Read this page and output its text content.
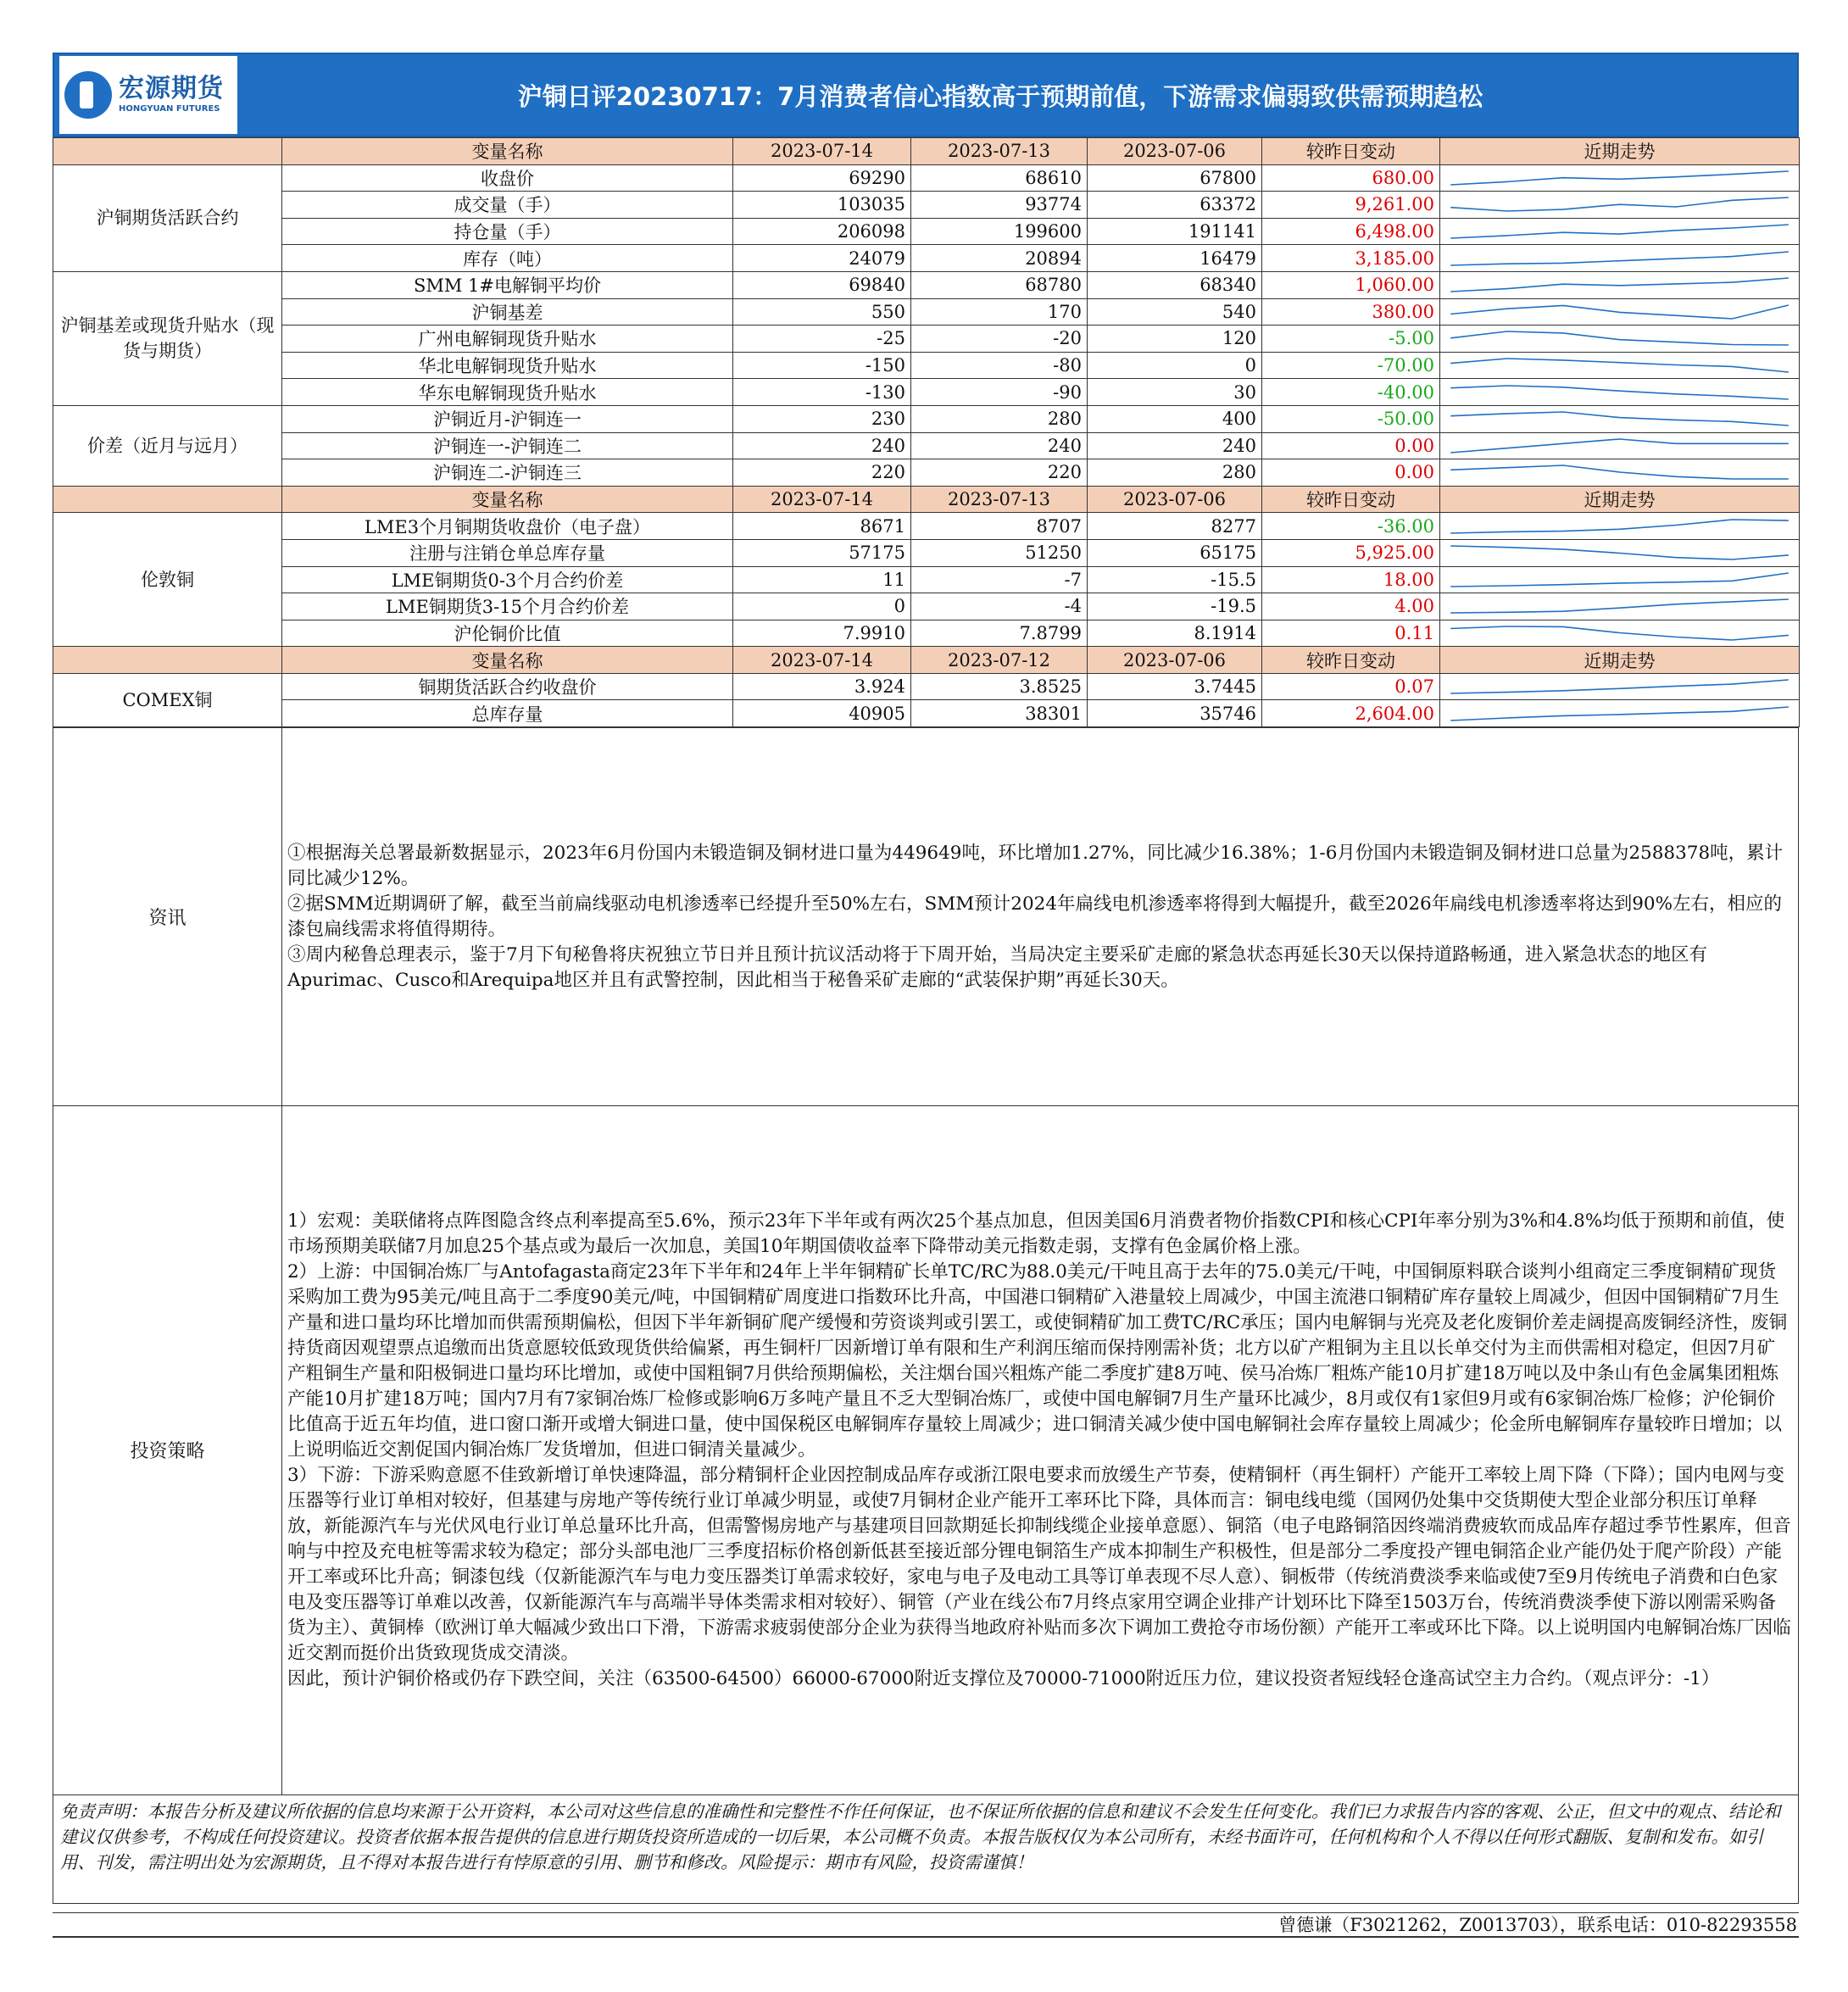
宏源期货
HONGYUAN FUTURES	沪铜日评20230717：7月消费者信心指数高于预期前值，下游需求偏弱致供需预期趋松
	变量名称	2023-07-14	2023-07-13	2023-07-06	较昨日变动	近期走势
沪铜期货活跃合约	收盘价	69290	68610	67800	680.00	

	成交量（手）	103035	93774	63372	9,261.00	

	持仓量（手）	206098	199600	191141	6,498.00	

	库存（吨）	24079	20894	16479	3,185.00	

沪铜基差或现货升贴水（现货与期货）	SMM 1#电解铜平均价	69840	68780	68340	1,060.00	

	沪铜基差	550	170	540	380.00	

	广州电解铜现货升贴水	-25	-20	120	-5.00	

	华北电解铜现货升贴水	-150	-80	0	-70.00	

	华东电解铜现货升贴水	-130	-90	30	-40.00	

价差（近月与远月）	沪铜近月-沪铜连一	230	280	400	-50.00	

	沪铜连一-沪铜连二	240	240	240	0.00	

	沪铜连二-沪铜连三	220	220	280	0.00	

	变量名称	2023-07-14	2023-07-13	2023-07-06	较昨日变动	近期走势
伦敦铜	LME3个月铜期货收盘价（电子盘）	8671	8707	8277	-36.00	

	注册与注销仓单总库存量	57175	51250	65175	5,925.00	

	LME铜期货0-3个月合约价差	11	-7	-15.5	18.00	

	LME铜期货3-15个月合约价差	0	-4	-19.5	4.00	

	沪伦铜价比值	7.9910	7.8799	8.1914	0.11	

	变量名称	2023-07-14	2023-07-12	2023-07-06	较昨日变动	近期走势
COMEX铜	铜期货活跃合约收盘价	3.924	3.8525	3.7445	0.07	

	总库存量	40905	38301	35746	2,604.00	
资讯	
①根据海关总署最新数据显示，2023年6月份国内未锻造铜及铜材进口量为449649吨，环比增加1.27%，同比减少16.38%；1-6月份国内未锻造铜及铜材进口总量为2588378吨，累计同比减少12%。
②据SMM近期调研了解，截至当前扁线驱动电机渗透率已经提升至50%左右，SMM预计2024年扁线电机渗透率将得到大幅提升，截至2026年扁线电机渗透率将达到90%左右，相应的漆包扁线需求将值得期待。
③周内秘鲁总理表示，鉴于7月下旬秘鲁将庆祝独立节日并且预计抗议活动将于下周开始，当局决定主要采矿走廊的紧急状态再延长30天以保持道路畅通，进入紧急状态的地区有Apurimac、Cusco和Arequipa地区并且有武警控制，因此相当于秘鲁采矿走廊的“武装保护期”再延长30天。
投资策略	
1）宏观：美联储将点阵图隐含终点利率提高至5.6%，预示23年下半年或有两次25个基点加息，但因美国6月消费者物价指数CPI和核心CPI年率分别为3%和4.8%均低于预期和前值，使市场预期美联储7月加息25个基点或为最后一次加息，美国10年期国债收益率下降带动美元指数走弱，支撑有色金属价格上涨。
2）上游：中国铜冶炼厂与Antofagasta商定23年下半年和24年上半年铜精矿长单TC/RC为88.0美元/干吨且高于去年的75.0美元/干吨，中国铜原料联合谈判小组商定三季度铜精矿现货采购加工费为95美元/吨且高于二季度90美元/吨，中国铜精矿周度进口指数环比升高，中国港口铜精矿入港量较上周减少，中国主流港口铜精矿库存量较上周减少，但因中国铜精矿7月生产量和进口量均环比增加而供需预期偏松，但因下半年新铜矿爬产缓慢和劳资谈判或引罢工，或使铜精矿加工费TC/RC承压；国内电解铜与光亮及老化废铜价差走阔提高废铜经济性，废铜持货商因观望票点追缴而出货意愿较低致现货供给偏紧，再生铜杆厂因新增订单有限和生产利润压缩而保持刚需补货；北方以矿产粗铜为主且以长单交付为主而供需相对稳定，但因7月矿产粗铜生产量和阳极铜进口量均环比增加，或使中国粗铜7月供给预期偏松，关注烟台国兴粗炼产能二季度扩建8万吨、侯马冶炼厂粗炼产能10月扩建18万吨以及中条山有色金属集团粗炼产能10月扩建18万吨；国内7月有7家铜冶炼厂检修或影响6万多吨产量且不乏大型铜冶炼厂，或使中国电解铜7月生产量环比减少，8月或仅有1家但9月或有6家铜冶炼厂检修；沪伦铜价比值高于近五年均值，进口窗口渐开或增大铜进口量，使中国保税区电解铜库存量较上周减少；进口铜清关减少使中国电解铜社会库存量较上周减少；伦金所电解铜库存量较昨日增加；以上说明临近交割促国内铜冶炼厂发货增加，但进口铜清关量减少。
3）下游：下游采购意愿不佳致新增订单快速降温，部分精铜杆企业因控制成品库存或浙江限电要求而放缓生产节奏，使精铜杆（再生铜杆）产能开工率较上周下降（下降）；国内电网与变压器等行业订单相对较好，但基建与房地产等传统行业订单减少明显，或使7月铜材企业产能开工率环比下降，具体而言：铜电线电缆（国网仍处集中交货期使大型企业部分积压订单释放，新能源汽车与光伏风电行业订单总量环比升高，但需警惕房地产与基建项目回款期延长抑制线缆企业接单意愿）、铜箔（电子电路铜箔因终端消费疲软而成品库存超过季节性累库，但音响与中控及充电桩等需求较为稳定；部分头部电池厂三季度招标价格创新低甚至接近部分锂电铜箔生产成本抑制生产积极性，但是部分二季度投产锂电铜箔企业产能仍处于爬产阶段）产能开工率或环比升高；铜漆包线（仅新能源汽车与电力变压器类订单需求较好，家电与电子及电动工具等订单表现不尽人意）、铜板带（传统消费淡季来临或使7至9月传统电子消费和白色家电及变压器等订单难以改善，仅新能源汽车与高端半导体类需求相对较好）、铜管（产业在线公布7月终点家用空调企业排产计划环比下降至1503万台，传统消费淡季使下游以刚需采购备货为主）、黄铜棒（欧洲订单大幅减少致出口下滑，下游需求疲弱使部分企业为获得当地政府补贴而多次下调加工费抢夺市场份额）产能开工率或环比下降。以上说明国内电解铜冶炼厂因临近交割而挺价出货致现货成交清淡。
因此，预计沪铜价格或仍存下跌空间，关注（63500-64500）66000-67000附近支撑位及70000-71000附近压力位，建议投资者短线轻仓逢高试空主力合约。（观点评分：-1）
免责声明：本报告分析及建议所依据的信息均来源于公开资料，本公司对这些信息的准确性和完整性不作任何保证，也不保证所依据的信息和建议不会发生任何变化。我们已力求报告内容的客观、公正，但文中的观点、结论和建议仅供参考，不构成任何投资建议。投资者依据本报告提供的信息进行期货投资所造成的一切后果，本公司概不负责。本报告版权仅为本公司所有，未经书面许可，任何机构和个人不得以任何形式翻版、复制和发布。如引用、刊发，需注明出处为宏源期货，且不得对本报告进行有悖原意的引用、删节和修改。风险提示：期市有风险，投资需谨慎！
曾德谦（F3021262，Z0013703），联系电话：010-82293558
